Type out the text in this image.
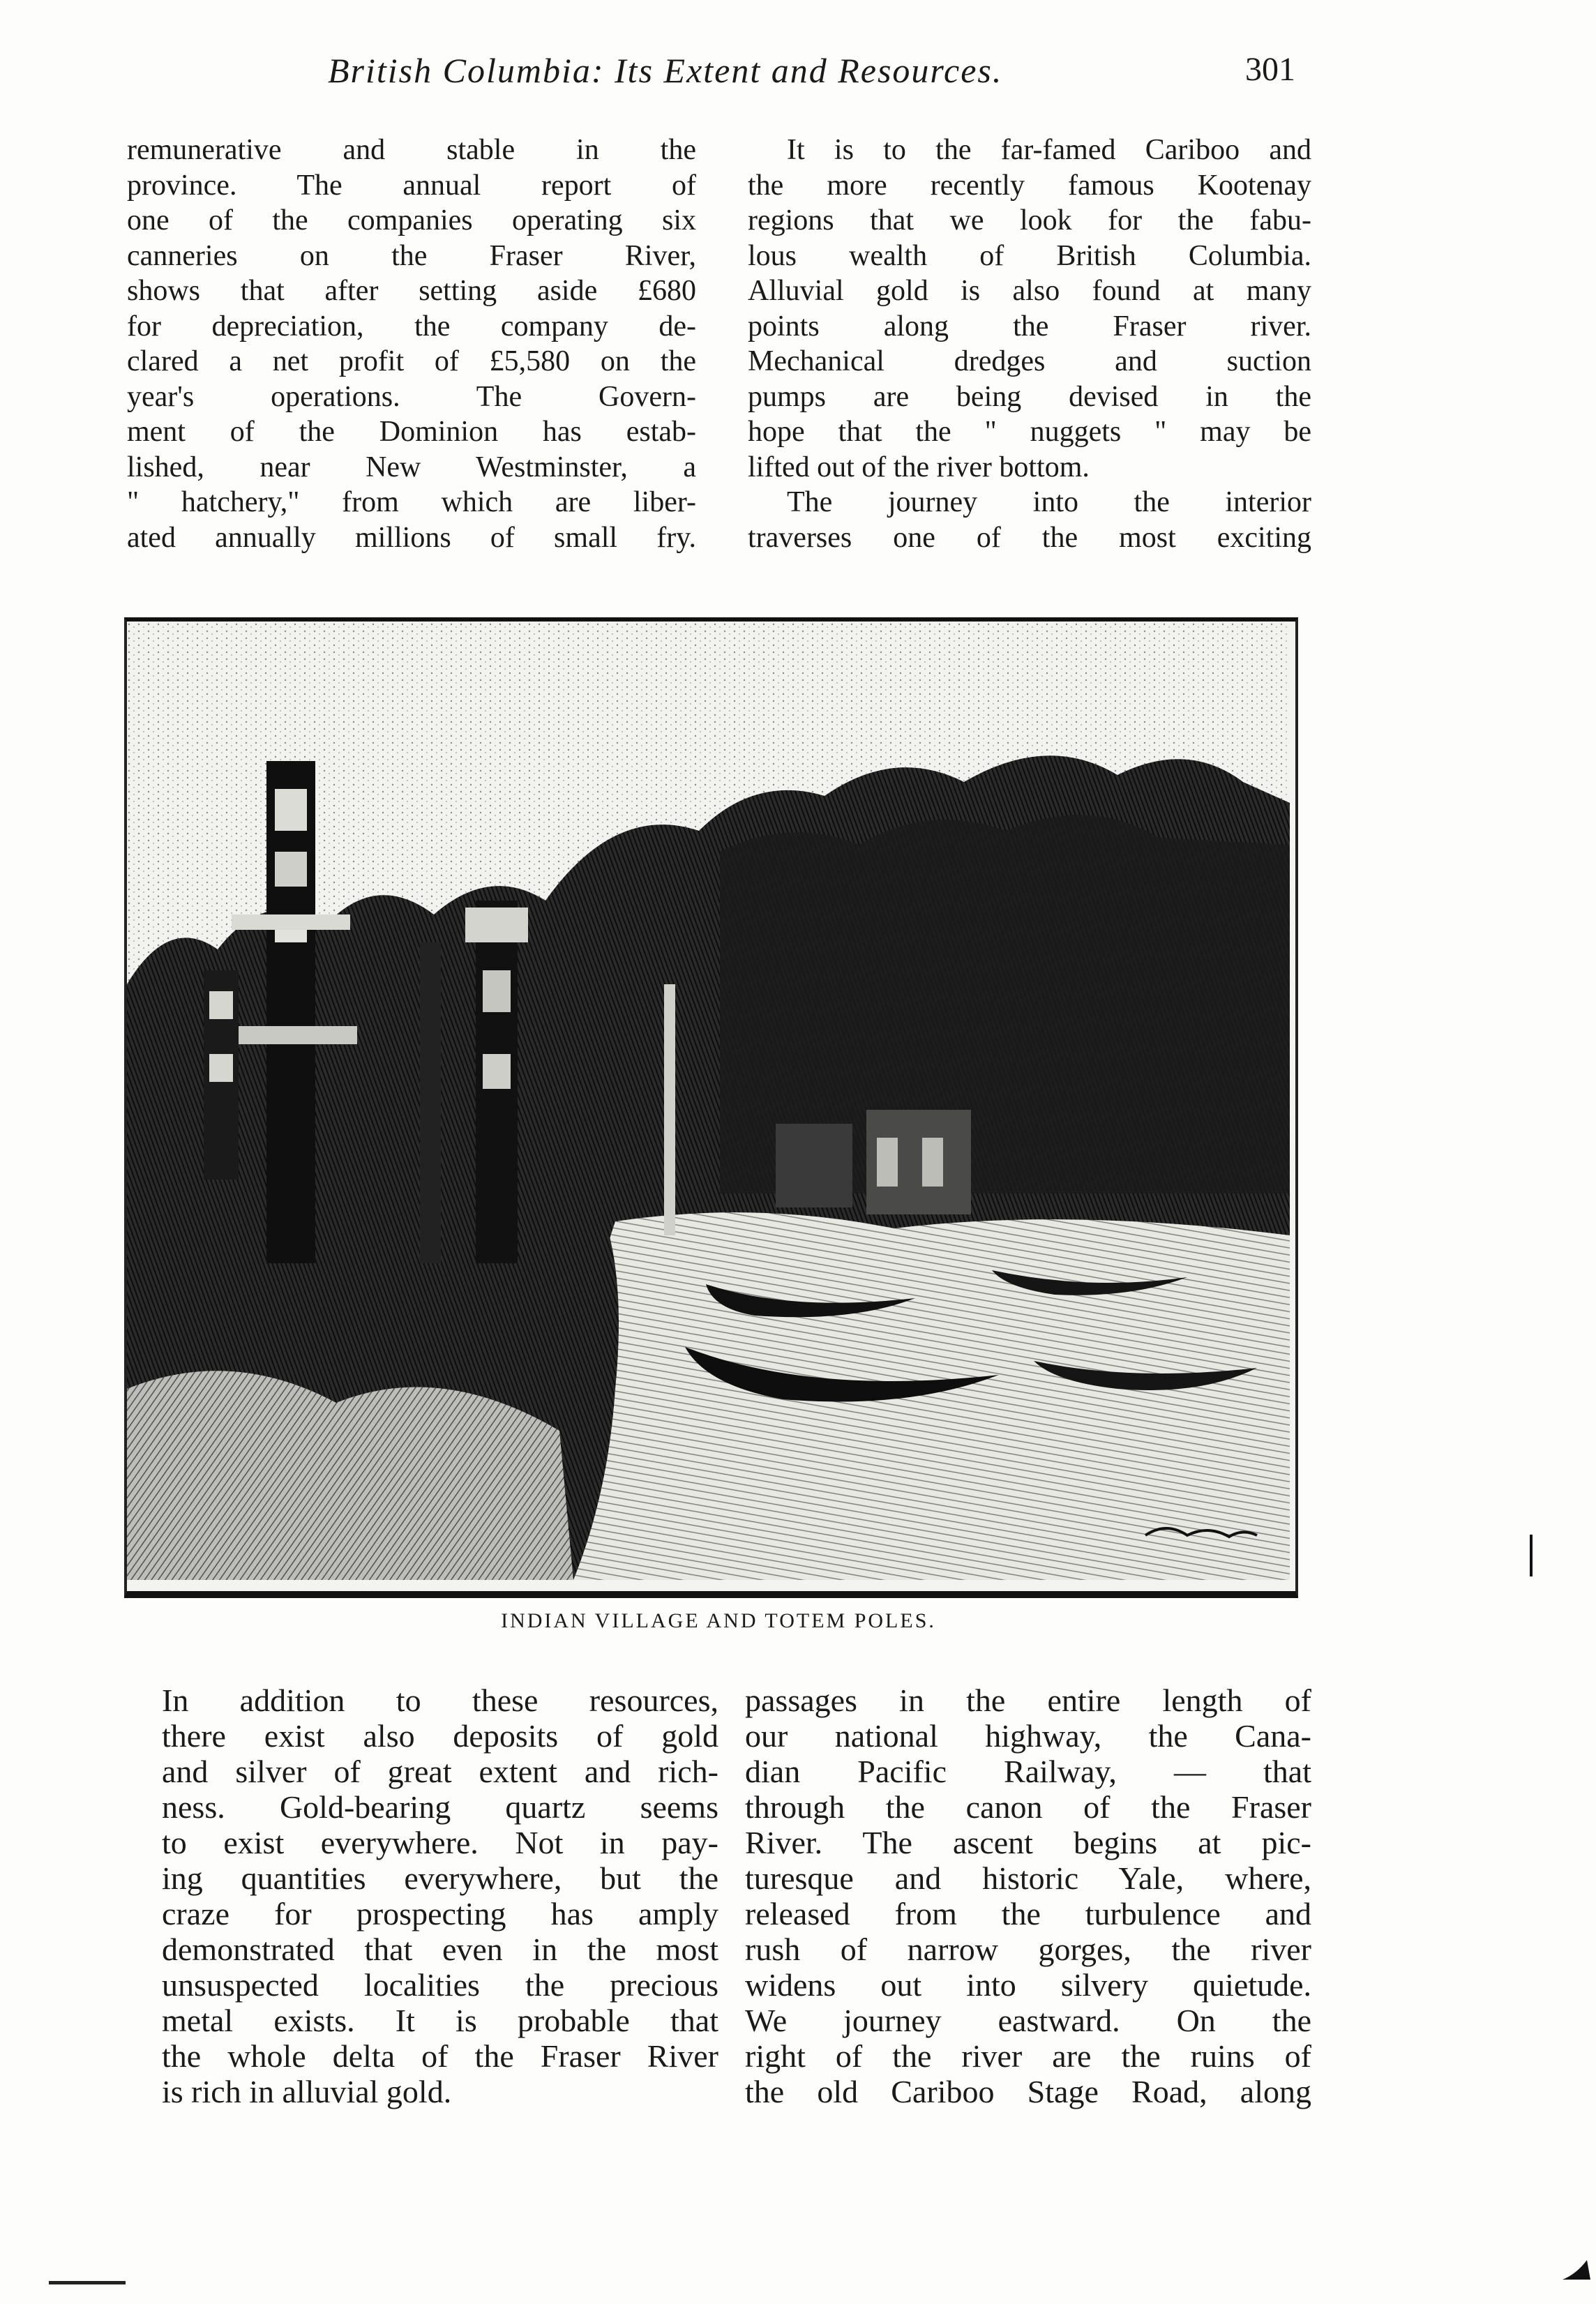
British Columbia: Its Extent and Resources.	301

remunerative and stable in the
province. The annual report of
one of the companies operating six
canneries on the Fraser River,
shows that after setting aside £680
for depreciation, the company de-
clared a net profit of £5,580 on the
year's operations. The Govern-
ment of the Dominion has estab-
lished, near New Westminster, a
" hatchery," from which are liber-
ated annually millions of small fry.

It is to the far-famed Cariboo and
the more recently famous Kootenay
regions that we look for the fabu-
lous wealth of British Columbia.
Alluvial gold is also found at many
points along the Fraser river.
Mechanical dredges and suction
pumps are being devised in the
hope that the " nuggets " may be
lifted out of the river bottom.

The journey into the interior
traverses one of the most exciting

INDIAN VILLAGE AND TOTEM POLES.

In addition to these resources,
there exist also deposits of gold
and silver of great extent and rich-
ness. Gold-bearing quartz seems
to exist everywhere. Not in pay-
ing quantities everywhere, but the
craze for prospecting has amply
demonstrated that even in the most
unsuspected localities the precious
metal exists. It is probable that
the whole delta of the Fraser River
is rich in alluvial gold.

passages in the entire length of
our national highway, the Cana-
dian Pacific Railway, — that
through the canon of the Fraser
River. The ascent begins at pic-
turesque and historic Yale, where,
released from the turbulence and
rush of narrow gorges, the river
widens out into silvery quietude.
We journey eastward. On the
right of the river are the ruins of
the old Cariboo Stage Road, along
